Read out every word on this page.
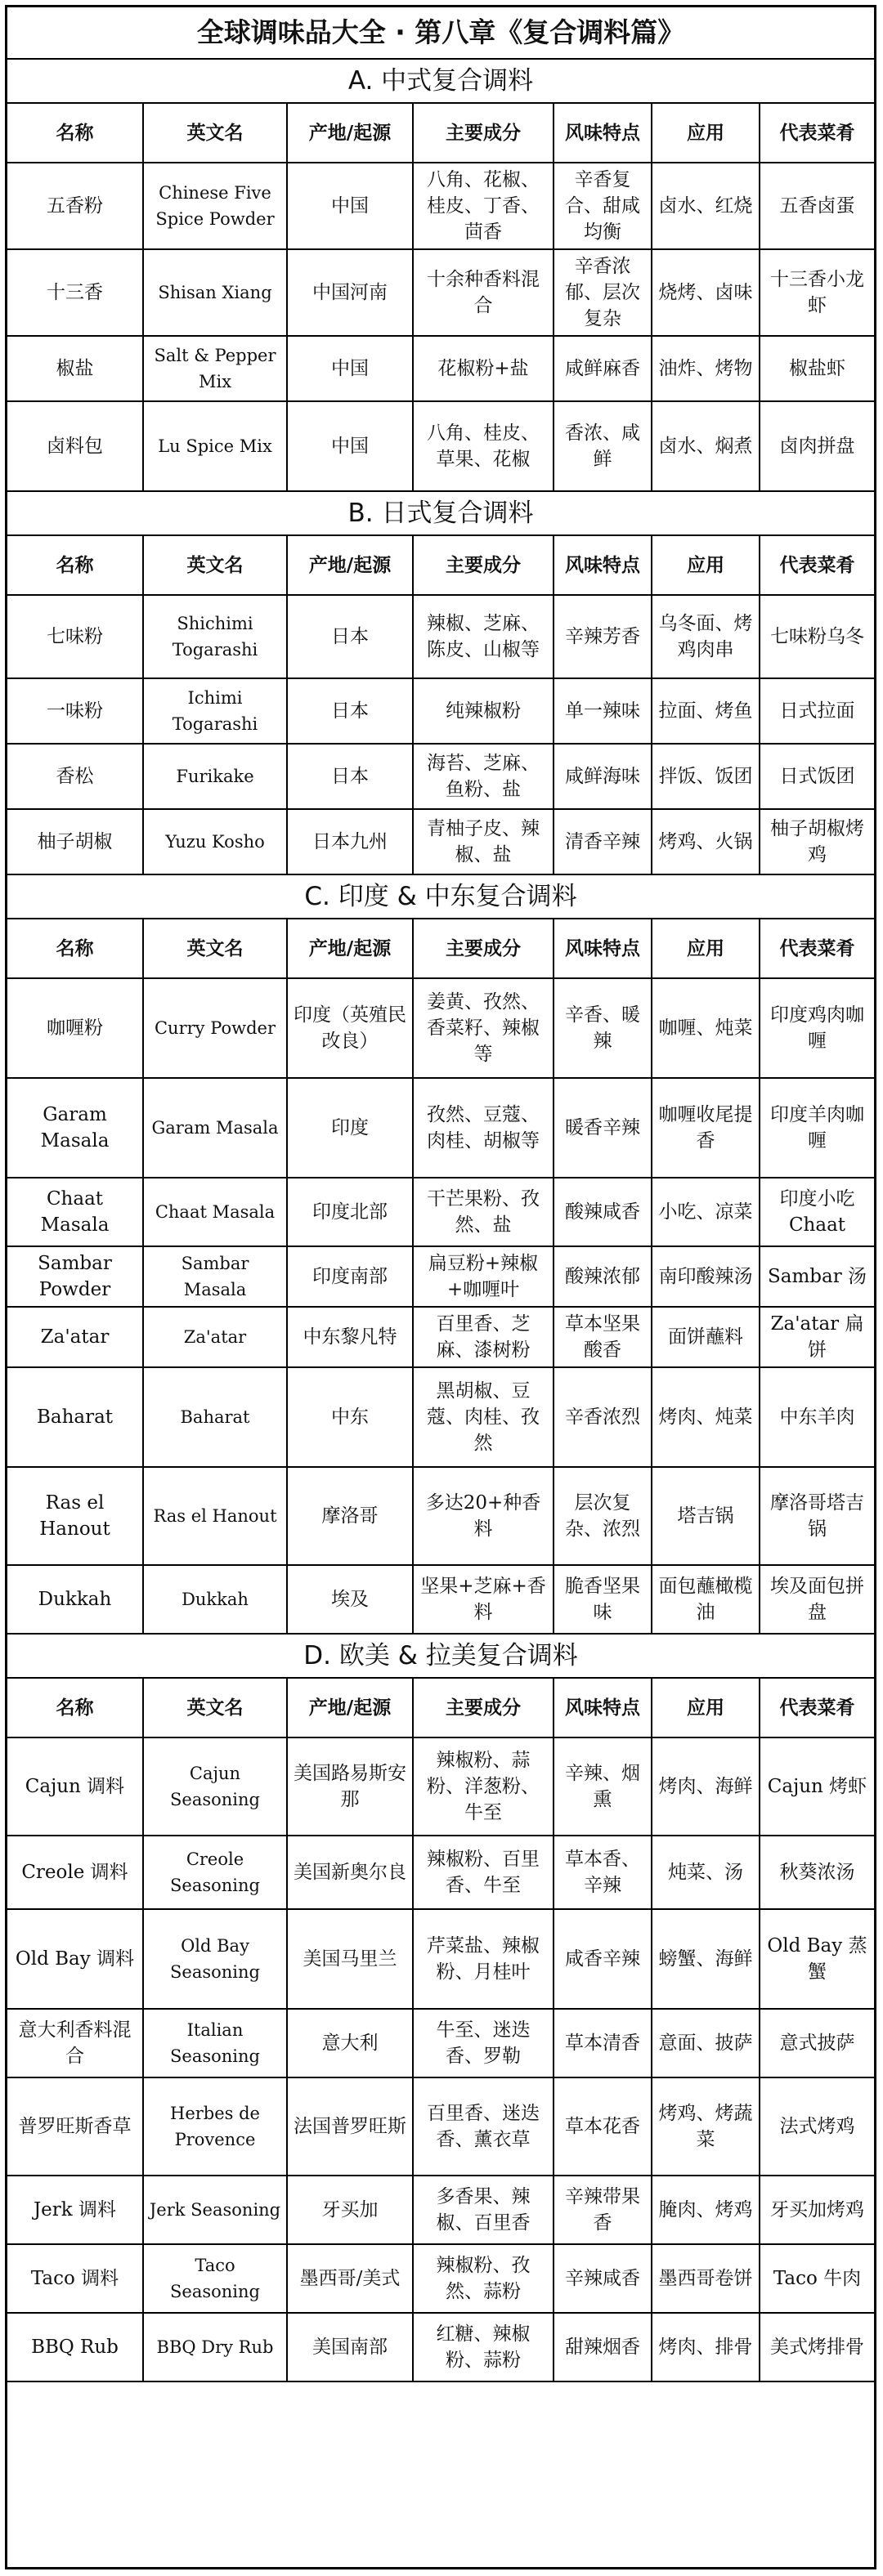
全球调味品大全 · 第八章《复合调料篇》
A. 中式复合调料
名称	英文名	产地/起源	主要成分	风味特点	应用	代表菜肴
五香粉	Chinese Five Spice Powder	中国	八角、花椒、桂皮、丁香、茴香	辛香复合、甜咸均衡	卤水、红烧	五香卤蛋
十三香	Shisan Xiang	中国河南	十余种香料混合	辛香浓郁、层次复杂	烧烤、卤味	十三香小龙虾
椒盐	Salt & Pepper Mix	中国	花椒粉+盐	咸鲜麻香	油炸、烤物	椒盐虾
卤料包	Lu Spice Mix	中国	八角、桂皮、草果、花椒	香浓、咸鲜	卤水、焖煮	卤肉拼盘
B. 日式复合调料
名称	英文名	产地/起源	主要成分	风味特点	应用	代表菜肴
七味粉	Shichimi Togarashi	日本	辣椒、芝麻、陈皮、山椒等	辛辣芳香	乌冬面、烤鸡肉串	七味粉乌冬
一味粉	Ichimi Togarashi	日本	纯辣椒粉	单一辣味	拉面、烤鱼	日式拉面
香松	Furikake	日本	海苔、芝麻、鱼粉、盐	咸鲜海味	拌饭、饭团	日式饭团
柚子胡椒	Yuzu Kosho	日本九州	青柚子皮、辣椒、盐	清香辛辣	烤鸡、火锅	柚子胡椒烤鸡
C. 印度 & 中东复合调料
名称	英文名	产地/起源	主要成分	风味特点	应用	代表菜肴
咖喱粉	Curry Powder	印度（英殖民改良）	姜黄、孜然、香菜籽、辣椒等	辛香、暖辣	咖喱、炖菜	印度鸡肉咖喱
Garam Masala	Garam Masala	印度	孜然、豆蔻、肉桂、胡椒等	暖香辛辣	咖喱收尾提香	印度羊肉咖喱
Chaat Masala	Chaat Masala	印度北部	干芒果粉、孜然、盐	酸辣咸香	小吃、凉菜	印度小吃 Chaat
Sambar Powder	Sambar Masala	印度南部	扁豆粉+辣椒+咖喱叶	酸辣浓郁	南印酸辣汤	Sambar 汤
Za'atar	Za'atar	中东黎凡特	百里香、芝麻、漆树粉	草本坚果酸香	面饼蘸料	Za'atar 扁饼
Baharat	Baharat	中东	黑胡椒、豆蔻、肉桂、孜然	辛香浓烈	烤肉、炖菜	中东羊肉
Ras el Hanout	Ras el Hanout	摩洛哥	多达20+种香料	层次复杂、浓烈	塔吉锅	摩洛哥塔吉锅
Dukkah	Dukkah	埃及	坚果+芝麻+香料	脆香坚果味	面包蘸橄榄油	埃及面包拼盘
D. 欧美 & 拉美复合调料
名称	英文名	产地/起源	主要成分	风味特点	应用	代表菜肴
Cajun 调料	Cajun Seasoning	美国路易斯安那	辣椒粉、蒜粉、洋葱粉、牛至	辛辣、烟熏	烤肉、海鲜	Cajun 烤虾
Creole 调料	Creole Seasoning	美国新奥尔良	辣椒粉、百里香、牛至	草本香、辛辣	炖菜、汤	秋葵浓汤
Old Bay 调料	Old Bay Seasoning	美国马里兰	芹菜盐、辣椒粉、月桂叶	咸香辛辣	螃蟹、海鲜	Old Bay 蒸蟹
意大利香料混合	Italian Seasoning	意大利	牛至、迷迭香、罗勒	草本清香	意面、披萨	意式披萨
普罗旺斯香草	Herbes de Provence	法国普罗旺斯	百里香、迷迭香、薰衣草	草本花香	烤鸡、烤蔬菜	法式烤鸡
Jerk 调料	Jerk Seasoning	牙买加	多香果、辣椒、百里香	辛辣带果香	腌肉、烤鸡	牙买加烤鸡
Taco 调料	Taco Seasoning	墨西哥/美式	辣椒粉、孜然、蒜粉	辛辣咸香	墨西哥卷饼	Taco 牛肉
BBQ Rub	BBQ Dry Rub	美国南部	红糖、辣椒粉、蒜粉	甜辣烟香	烤肉、排骨	美式烤排骨
